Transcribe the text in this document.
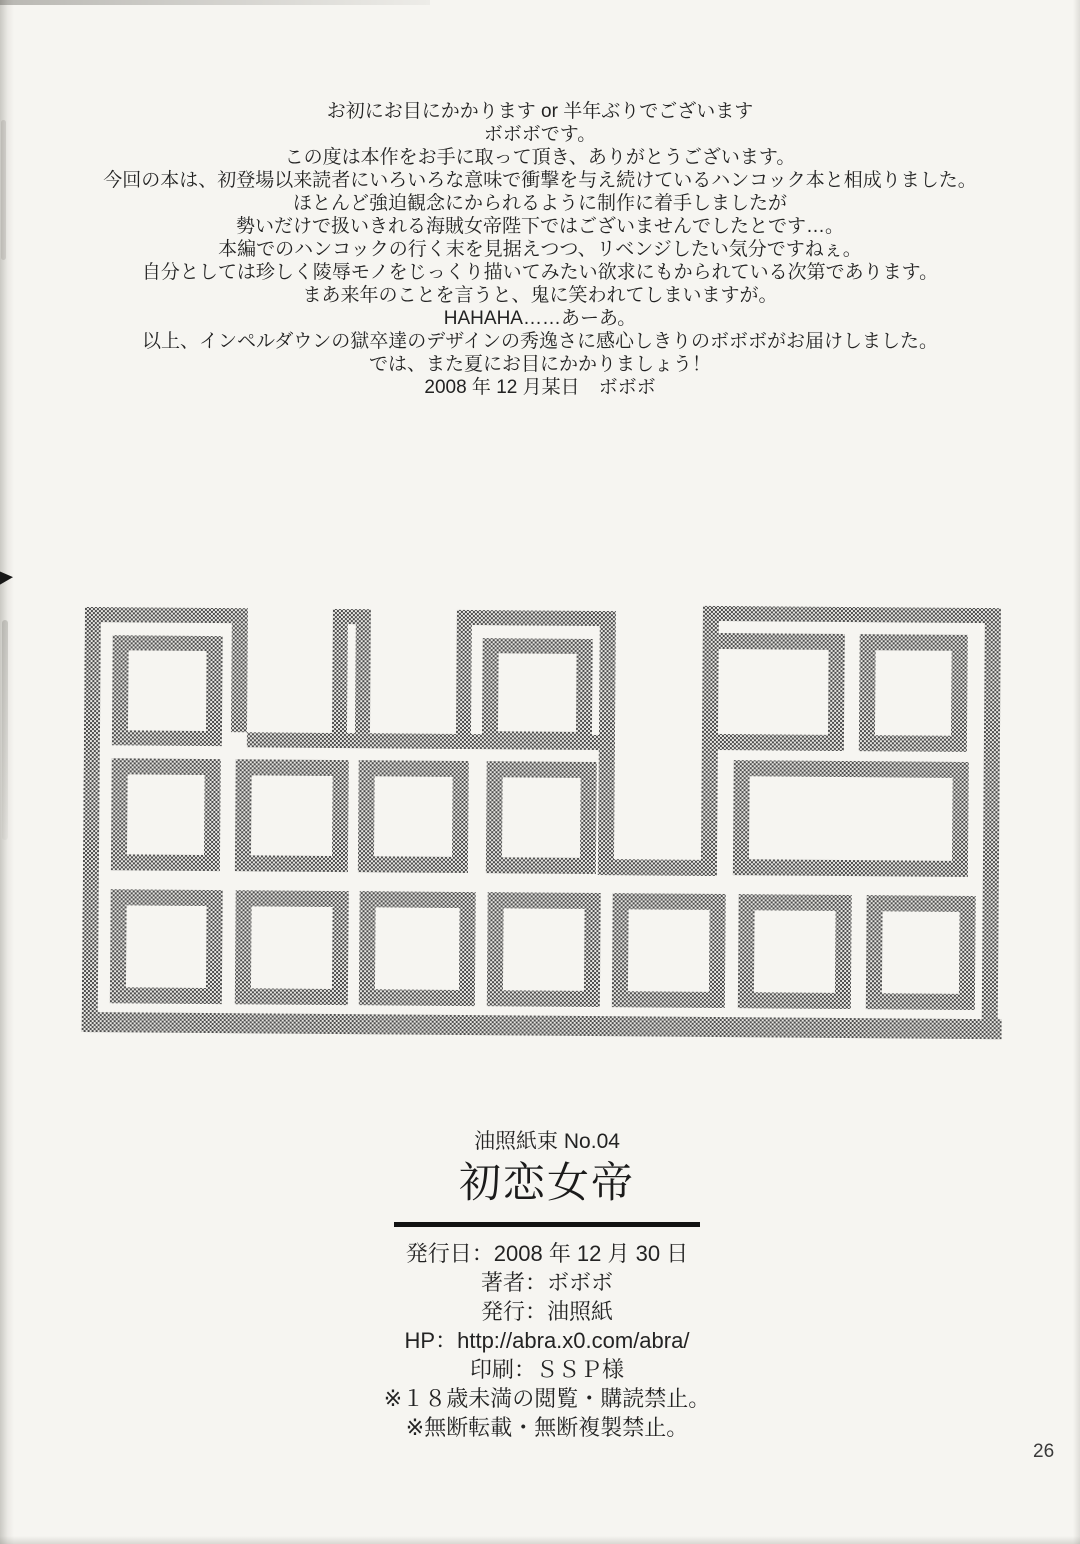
お初にお目にかかります or 半年ぶりでございます
ボボボです。

この度は本作をお手に取って頂き、ありがとうございます。

今回の本は、初登場以来読者にいろいろな意味で衝撃を与え続けているハンコック本と相成りました。
ほとんど強迫観念にかられるように制作に着手しましたが
勢いだけで扱いきれる海賊女帝陛下ではございませんでしたとです…。
本編でのハンコックの行く末を見据えつつ、リベンジしたい気分ですねぇ。
自分としては珍しく陵辱モノをじっくり描いてみたい欲求にもかられている次第であります。
まあ来年のことを言うと、鬼に笑われてしまいますが。
HAHAHA……あーあ。

以上、インペルダウンの獄卒達のデザインの秀逸さに感心しきりのボボボがお届けしました。

では、また夏にお目にかかりましょう！

2008 年 12 月某日　ボボボ

油照紙束 No.04
初恋女帝
発行日：2008 年 12 月 30 日
著者：ボボボ
発行：油照紙
HP：http://abra.x0.com/abra/
印刷：ＳＳＰ様
※１８歳未満の閲覧・購読禁止。
※無断転載・無断複製禁止。
26
